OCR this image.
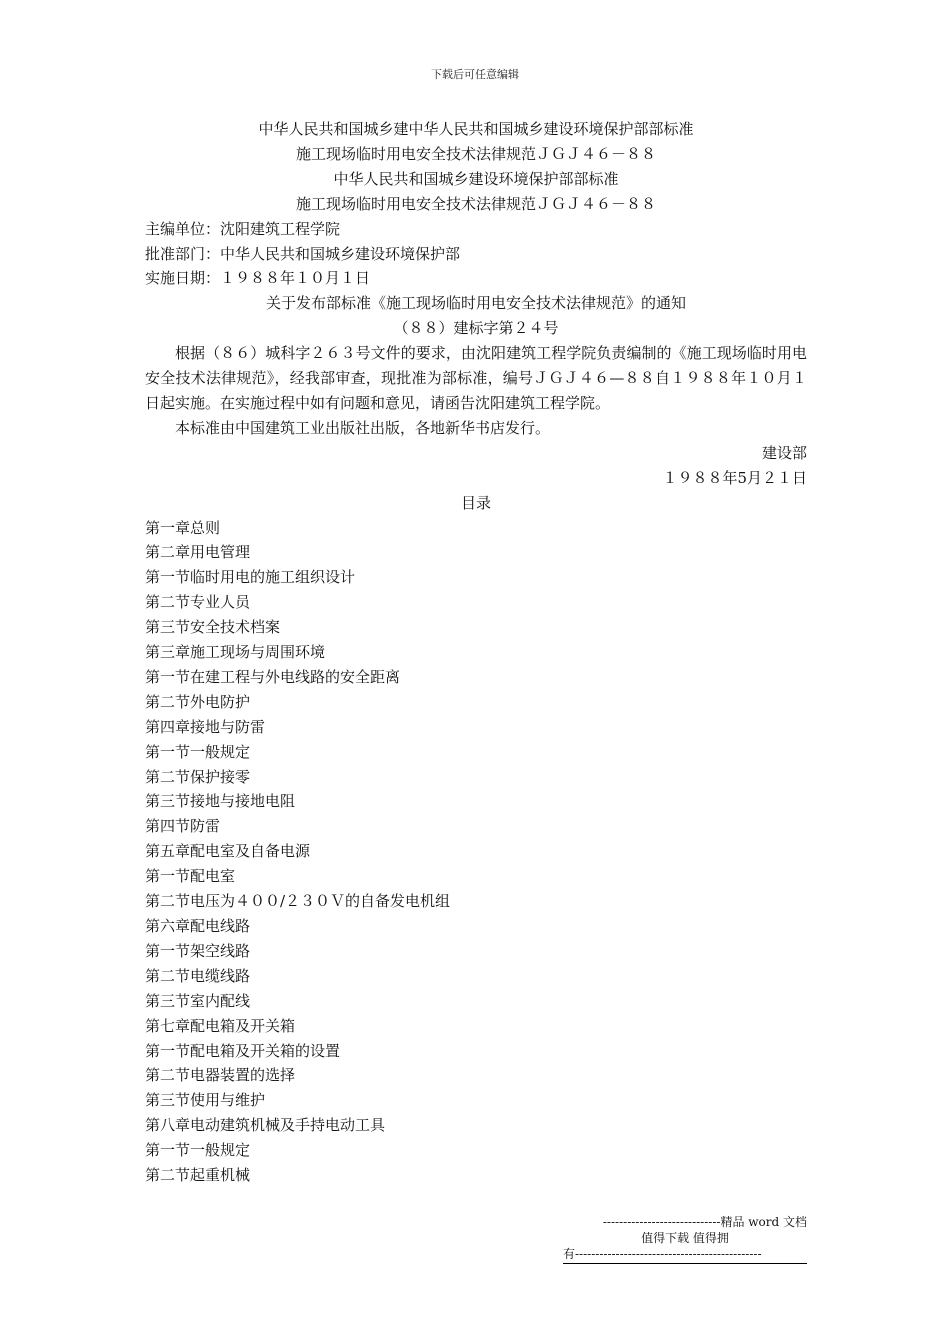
下载后可任意编辑
中华人民共和国城乡建中华人民共和国城乡建设环境保护部部标准
施工现场临时用电安全技术法律规范ＪＧＪ４６－８８
中华人民共和国城乡建设环境保护部部标准
施工现场临时用电安全技术法律规范ＪＧＪ４６－８８
主编单位：沈阳建筑工程学院
批准部门：中华人民共和国城乡建设环境保护部
实施日期：１９８８年１０月１日
关于发布部标准《施工现场临时用电安全技术法律规范》的通知
（８８）建标字第２４号
根据（８６）城科字２６３号文件的要求，由沈阳建筑工程学院负责编制的《施工现场临时用电安全技术法律规范》，经我部审查，现批准为部标准，编号ＪＧＪ４６—８８自１９８８年１０月１日起实施。在实施过程中如有问题和意见，请函告沈阳建筑工程学院。
本标准由中国建筑工业出版社出版，各地新华书店发行。
建设部
１９８８年5月２１日
目录
第一章总则
第二章用电管理
第一节临时用电的施工组织设计
第二节专业人员
第三节安全技术档案
第三章施工现场与周围环境
第一节在建工程与外电线路的安全距离
第二节外电防护
第四章接地与防雷
第一节一般规定
第二节保护接零
第三节接地与接地电阻
第四节防雷
第五章配电室及自备电源
第一节配电室
第二节电压为４００/２３０Ｖ的自备发电机组
第六章配电线路
第一节架空线路
第二节电缆线路
第三节室内配线
第七章配电箱及开关箱
第一节配电箱及开关箱的设置
第二节电器装置的选择
第三节使用与维护
第八章电动建筑机械及手持电动工具
第一节一般规定
第二节起重机械
-----------------------------精品 word 文档
值得下载 值得拥
有----------------------------------------------
